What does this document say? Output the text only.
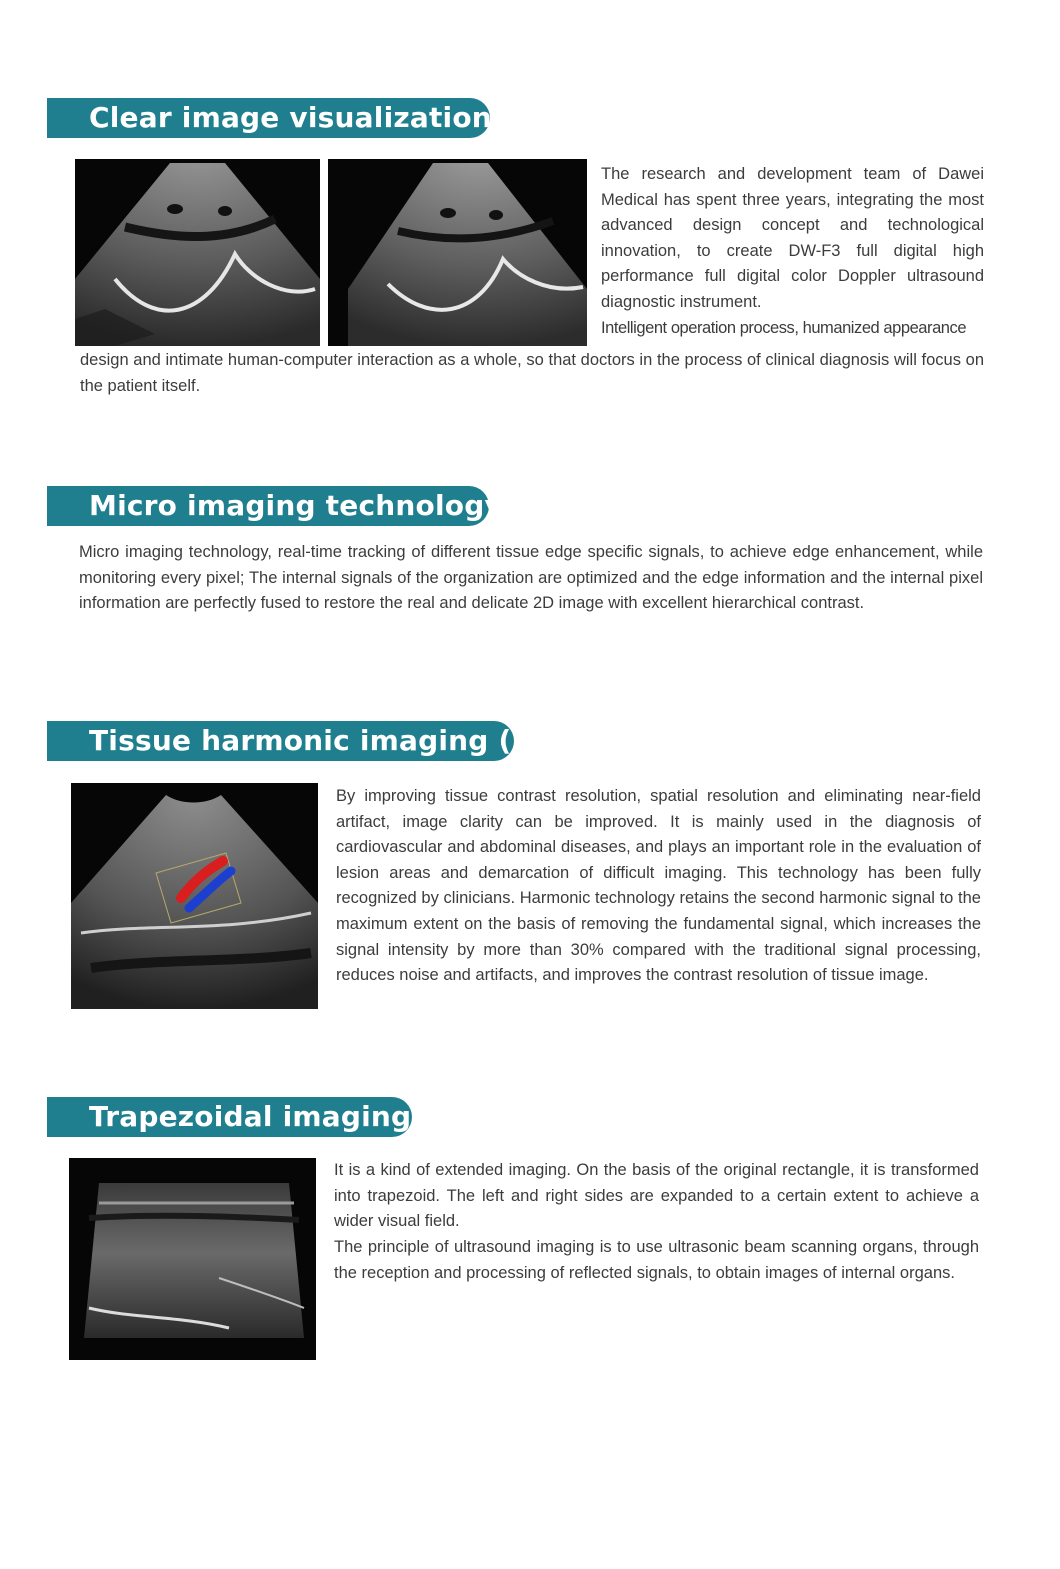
Clear image visualization

The research and development team of Dawei Medical has spent three years, integrating the most advanced design concept and technological innovation, to create DW-F3 full digital high performance full digital color Doppler ultrasound diagnostic instrument.

Intelligent operation process, humanized appearance

design and intimate human-computer interaction as a whole, so that doctors in the process of clinical diagnosis will focus on the patient itself.

Micro imaging technology

Micro imaging technology, real-time tracking of different tissue edge specific signals, to achieve edge enhancement, while monitoring every pixel; The internal signals of the organization are optimized and the edge information and the internal pixel information are perfectly fused to restore the real and delicate 2D image with excellent hierarchical contrast.

Tissue harmonic imaging ( THI )

By improving tissue contrast resolution, spatial resolution and eliminating near-field artifact, image clarity can be improved. It is mainly used in the diagnosis of cardiovascular and abdominal diseases, and plays an important role in the evaluation of lesion areas and demarcation of difficult imaging. This technology has been fully recognized by clinicians. Harmonic technology retains the second harmonic signal to the maximum extent on the basis of removing the fundamental signal, which increases the signal intensity by more than 30% compared with the traditional signal processing, reduces noise and artifacts, and improves the contrast resolution of tissue image.

Trapezoidal imaging

It is a kind of extended imaging. On the basis of the original rectangle, it is transformed into trapezoid. The left and right sides are expanded to a certain extent to achieve a wider visual field.

The principle of ultrasound imaging is to use ultrasonic beam scanning organs, through the reception and processing of reflected signals, to obtain images of internal organs.
